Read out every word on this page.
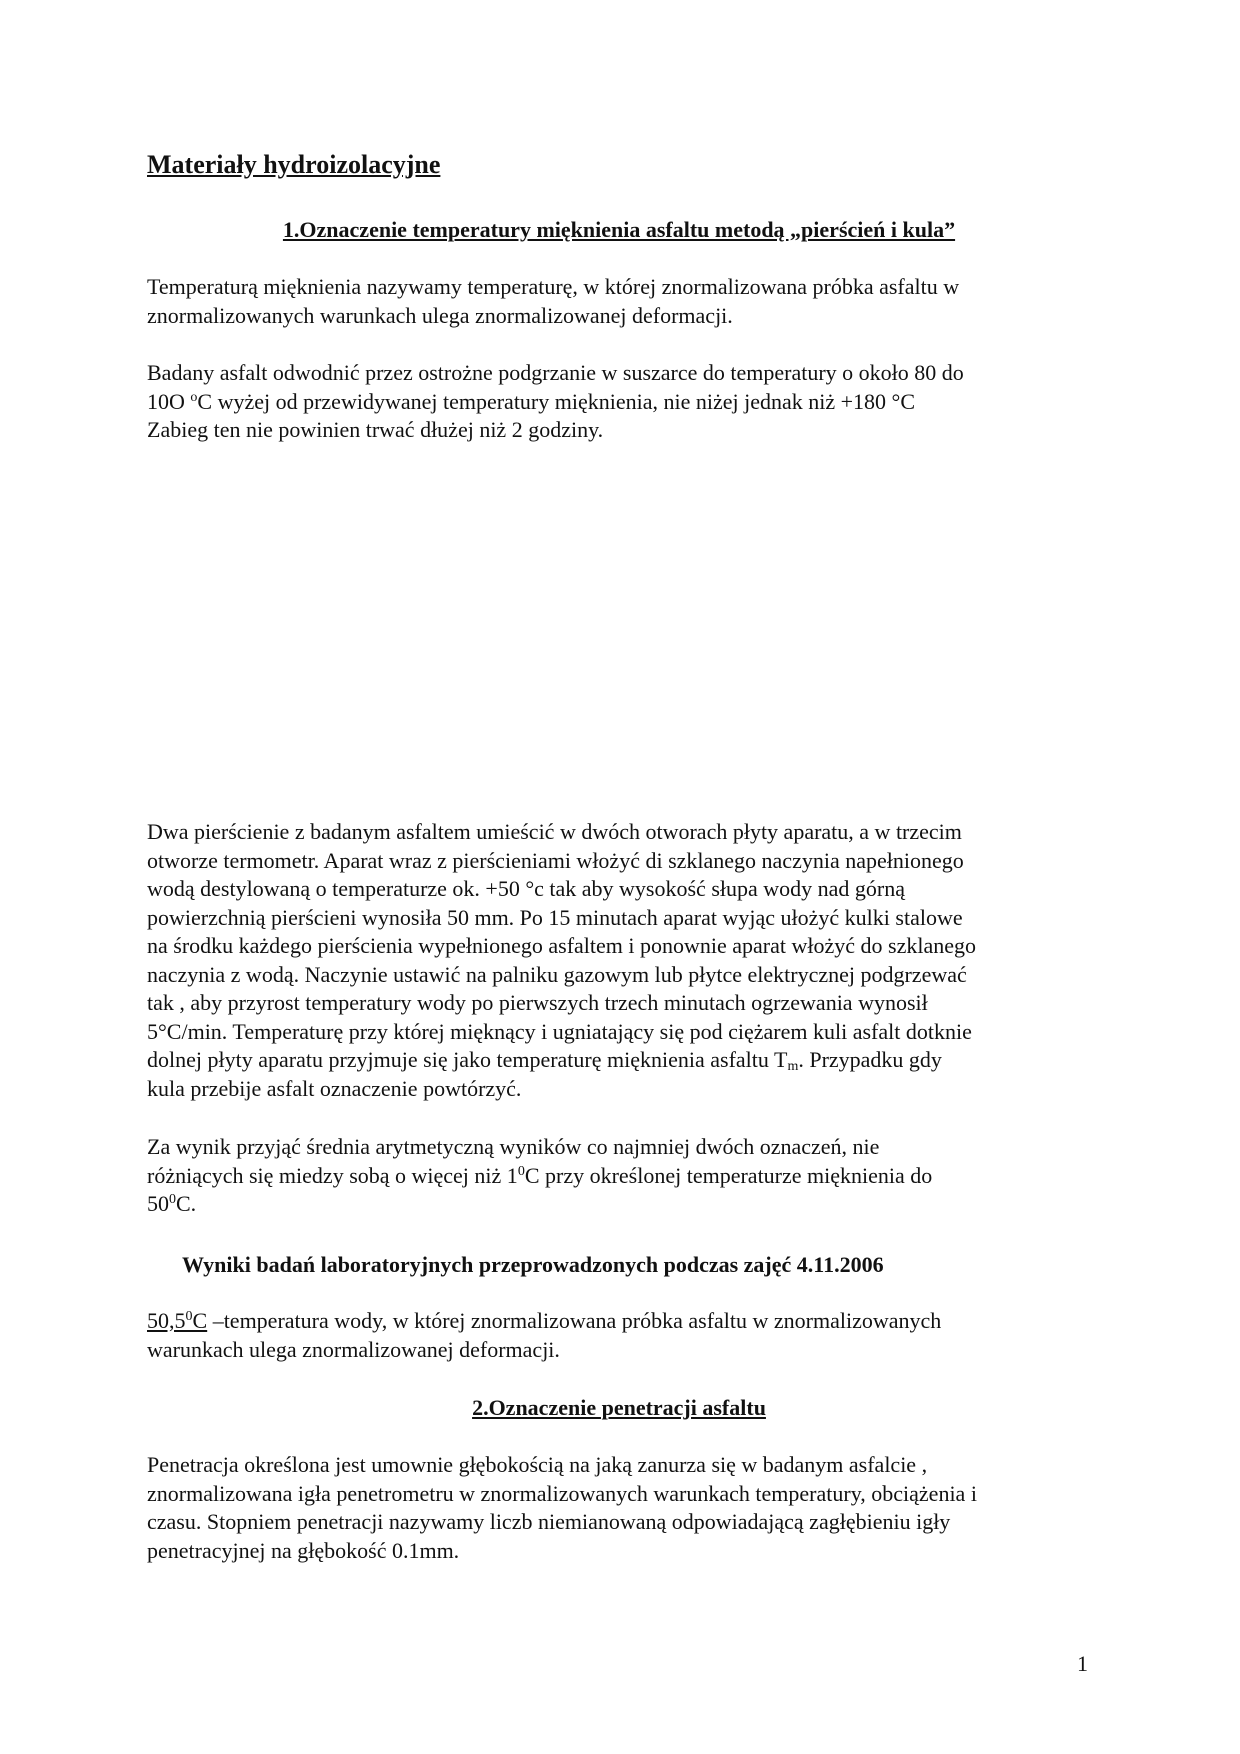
Materiały hydroizolacyjne
1.Oznaczenie temperatury mięknienia asfaltu metodą „pierścień i kula”

Temperaturą mięknienia nazywamy temperaturę, w której znormalizowana próbka asfaltu w
znormalizowanych warunkach ulega znormalizowanej deformacji.

Badany asfalt odwodnić przez ostrożne podgrzanie w suszarce do temperatury o około 80 do
10O $^o$C wyżej od przewidywanej temperatury mięknienia, nie niżej jednak niż +180 °C
Zabieg ten nie powinien trwać dłużej niż 2 godziny.

Dwa pierścienie z badanym asfaltem umieścić w dwóch otworach płyty aparatu, a w trzecim
otworze termometr. Aparat wraz z pierścieniami włożyć di szklanego naczynia napełnionego
wodą destylowaną o temperaturze ok. +50 °c tak aby wysokość słupa wody nad górną
powierzchnią pierścieni wynosiła 50 mm. Po 15 minutach aparat wyjąc ułożyć kulki stalowe
na środku każdego pierścienia wypełnionego asfaltem i ponownie aparat włożyć do szklanego
naczynia z wodą. Naczynie ustawić na palniku gazowym lub płytce elektrycznej podgrzewać
tak , aby przyrost temperatury wody po pierwszych trzech minutach ogrzewania wynosił
5°C/min. Temperaturę przy której mięknący i ugniatający się pod ciężarem kuli asfalt dotknie
dolnej płyty aparatu przyjmuje się jako temperaturę mięknienia asfaltu $T_m$. Przypadku gdy
kula przebije asfalt oznaczenie powtórzyć.

Za wynik przyjąć średnia arytmetyczną wyników co najmniej dwóch oznaczeń, nie
różniących się miedzy sobą o więcej niż $1^0C$ przy określonej temperaturze mięknienia do
$50^0C$.

Wyniki badań laboratoryjnych przeprowadzonych podczas zajęć 4.11.2006

50,5$^0$C –temperatura wody, w której znormalizowana próbka asfaltu w znormalizowanych
warunkach ulega znormalizowanej deformacji.

2.Oznaczenie penetracji asfaltu

Penetracja określona jest umownie głębokością na jaką zanurza się w badanym asfalcie ,
znormalizowana igła penetrometru w znormalizowanych warunkach temperatury, obciążenia i
czasu. Stopniem penetracji nazywamy liczb niemianowaną odpowiadającą zagłębieniu igły
penetracyjnej na głębokość 0.1mm.

1
